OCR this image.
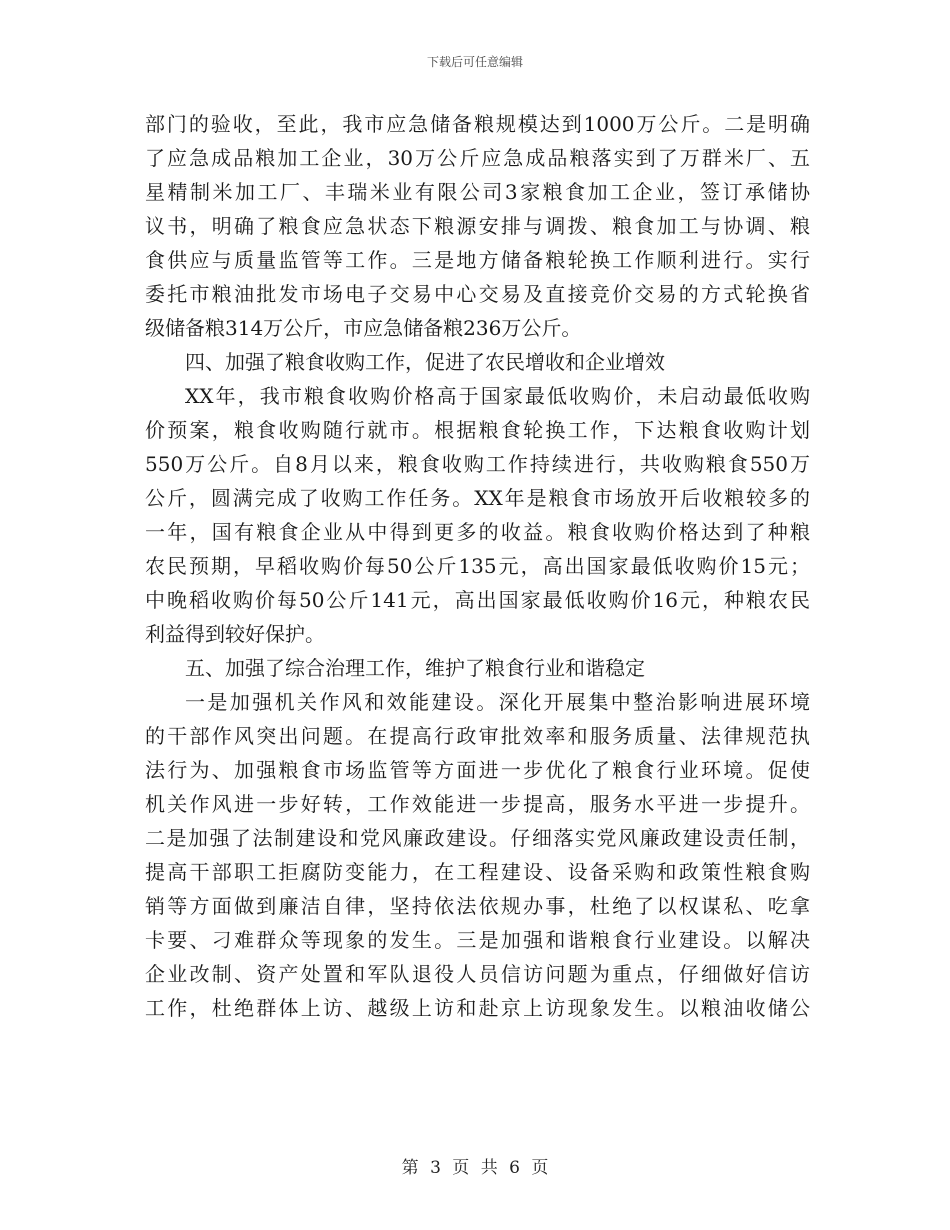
下载后可任意编辑
部门的验收，至此，我市应急储备粮规模达到1000万公斤。二是明确
了应急成品粮加工企业，30万公斤应急成品粮落实到了万群米厂、五
星精制米加工厂、丰瑞米业有限公司3家粮食加工企业，签订承储协
议书，明确了粮食应急状态下粮源安排与调拨、粮食加工与协调、粮
食供应与质量监管等工作。三是地方储备粮轮换工作顺利进行。实行
委托市粮油批发市场电子交易中心交易及直接竞价交易的方式轮换省
级储备粮314万公斤，市应急储备粮236万公斤。
四、加强了粮食收购工作，促进了农民增收和企业增效
XX年，我市粮食收购价格高于国家最低收购价，未启动最低收购
价预案，粮食收购随行就市。根据粮食轮换工作，下达粮食收购计划
550万公斤。自8月以来，粮食收购工作持续进行，共收购粮食550万
公斤，圆满完成了收购工作任务。XX年是粮食市场放开后收粮较多的
一年，国有粮食企业从中得到更多的收益。粮食收购价格达到了种粮
农民预期，早稻收购价每50公斤135元，高出国家最低收购价15元；
中晚稻收购价每50公斤141元，高出国家最低收购价16元，种粮农民
利益得到较好保护。
五、加强了综合治理工作，维护了粮食行业和谐稳定
一是加强机关作风和效能建设。深化开展集中整治影响进展环境
的干部作风突出问题。在提高行政审批效率和服务质量、法律规范执
法行为、加强粮食市场监管等方面进一步优化了粮食行业环境。促使
机关作风进一步好转，工作效能进一步提高，服务水平进一步提升。
二是加强了法制建设和党风廉政建设。仔细落实党风廉政建设责任制，
提高干部职工拒腐防变能力，在工程建设、设备采购和政策性粮食购
销等方面做到廉洁自律，坚持依法依规办事，杜绝了以权谋私、吃拿
卡要、刁难群众等现象的发生。三是加强和谐粮食行业建设。以解决
企业改制、资产处置和军队退役人员信访问题为重点，仔细做好信访
工作，杜绝群体上访、越级上访和赴京上访现象发生。以粮油收储公
第 3 页 共 6 页
